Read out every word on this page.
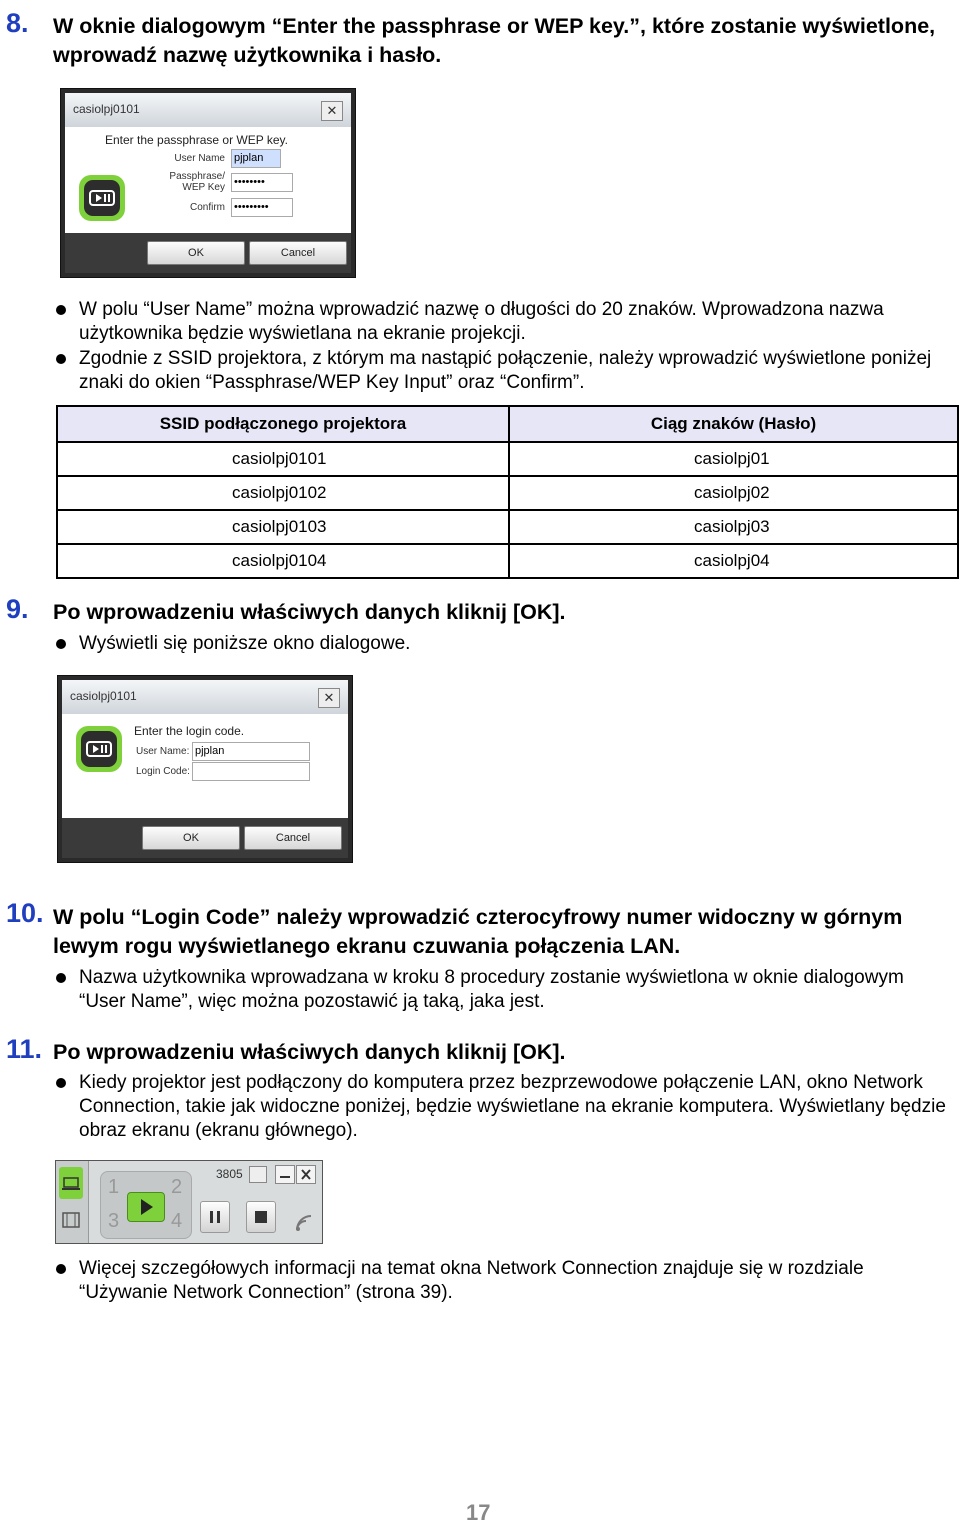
8. W oknie dialogowym “Enter the passphrase or WEP key.”, które zostanie wyświetlone, wprowadź nazwę użytkownika i hasło.
casiolpj0101	✕
Enter the passphrase or WEP key.
User Name pjplan
Passphrase/ WEP Key ••••••••
Confirm •••••••••
OK	Cancel
W polu “User Name” można wprowadzić nazwę o długości do 20 znaków. Wprowadzona nazwa użytkownika będzie wyświetlana na ekranie projekcji.
Zgodnie z SSID projektora, z którym ma nastąpić połączenie, należy wprowadzić wyświetlone poniżej znaki do okien “Passphrase/WEP Key Input” oraz “Confirm”.
SSID podłączonego projektora	Ciąg znaków (Hasło)
casiolpj0101	casiolpj01
casiolpj0102	casiolpj02
casiolpj0103	casiolpj03
casiolpj0104	casiolpj04
9. Po wprowadzeniu właściwych danych kliknij [OK].
Wyświetli się poniższe okno dialogowe.
casiolpj0101	✕
Enter the login code.
User Name: pjplan
Login Code:
OK	Cancel
10. W polu “Login Code” należy wprowadzić czterocyfrowy numer widoczny w górnym lewym rogu wyświetlanego ekranu czuwania połączenia LAN.
Nazwa użytkownika wprowadzana w kroku 8 procedury zostanie wyświetlona w oknie dialogowym “User Name”, więc można pozostawić ją taką, jaka jest.
11. Po wprowadzeniu właściwych danych kliknij [OK].
Kiedy projektor jest podłączony do komputera przez bezprzewodowe połączenie LAN, okno Network Connection, takie jak widoczne poniżej, będzie wyświetlane na ekranie komputera. Wyświetlany będzie obraz ekranu (ekranu głównego).
1	2
3	4
3805
Więcej szczegółowych informacji na temat okna Network Connection znajduje się w rozdziale “Używanie Network Connection” (strona 39).
17
